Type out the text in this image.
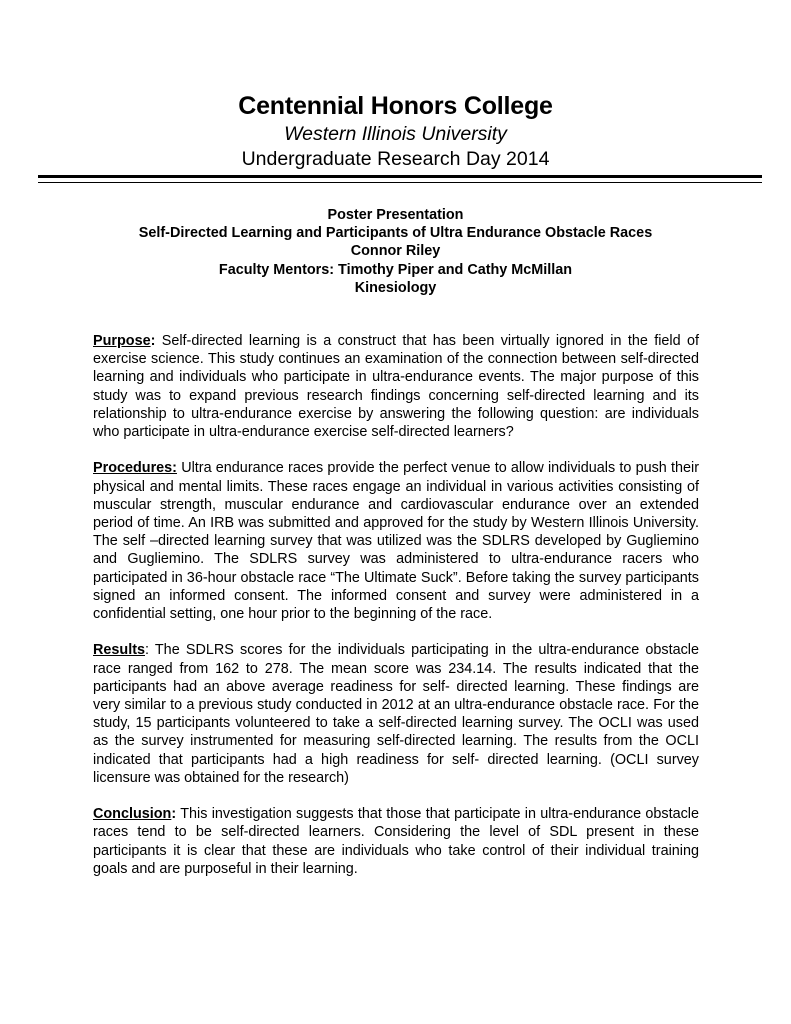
Centennial Honors College
Western Illinois University
Undergraduate Research Day 2014
Poster Presentation
Self-Directed Learning and Participants of Ultra Endurance Obstacle Races
Connor Riley
Faculty Mentors: Timothy Piper and Cathy McMillan
Kinesiology

Purpose: Self-directed learning is a construct that has been virtually ignored in the field of exercise science. This study continues an examination of the connection between self-directed learning and individuals who participate in ultra-endurance events. The major purpose of this study was to expand previous research findings concerning self-directed learning and its relationship to ultra-endurance exercise by answering the following question: are individuals who participate in ultra-endurance exercise self-directed learners?

Procedures: Ultra endurance races provide the perfect venue to allow individuals to push their physical and mental limits. These races engage an individual in various activities consisting of muscular strength, muscular endurance and cardiovascular endurance over an extended period of time. An IRB was submitted and approved for the study by Western Illinois University. The self –directed learning survey that was utilized was the SDLRS developed by Gugliemino and Gugliemino. The SDLRS survey was administered to ultra-endurance racers who participated in 36-hour obstacle race “The Ultimate Suck”. Before taking the survey participants signed an informed consent. The informed consent and survey were administered in a confidential setting, one hour prior to the beginning of the race.

Results: The SDLRS scores for the individuals participating in the ultra-endurance obstacle race ranged from 162 to 278. The mean score was 234.14. The results indicated that the participants had an above average readiness for self- directed learning. These findings are very similar to a previous study conducted in 2012 at an ultra-endurance obstacle race. For the study, 15 participants volunteered to take a self-directed learning survey. The OCLI was used as the survey instrumented for measuring self-directed learning. The results from the OCLI indicated that participants had a high readiness for self- directed learning. (OCLI survey licensure was obtained for the research)

Conclusion: This investigation suggests that those that participate in ultra-endurance obstacle races tend to be self-directed learners. Considering the level of SDL present in these participants it is clear that these are individuals who take control of their individual training goals and are purposeful in their learning.
